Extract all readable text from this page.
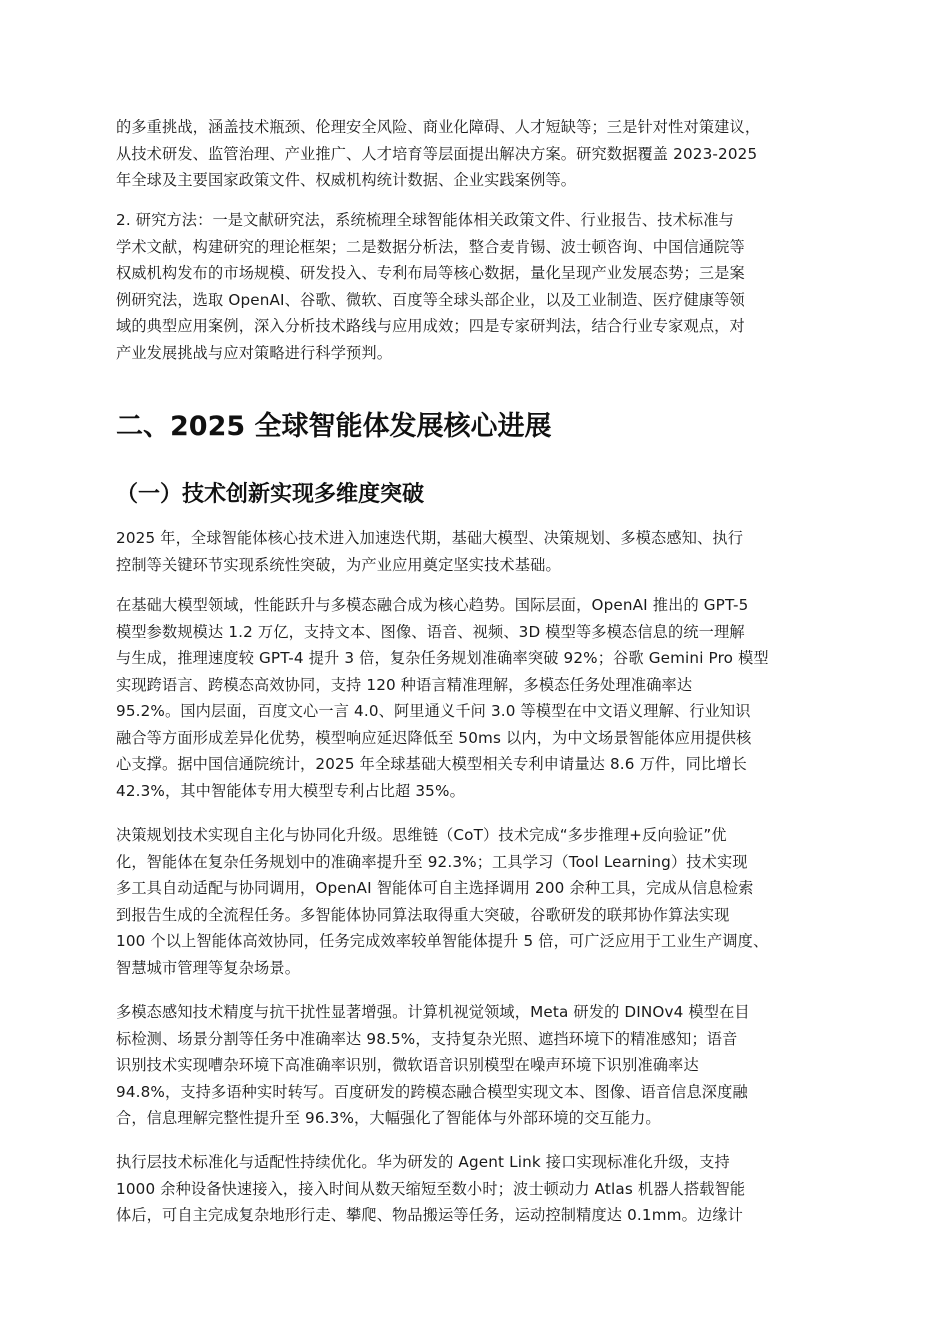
的多重挑战，涵盖技术瓶颈、伦理安全风险、商业化障碍、人才短缺等；三是针对性对策建议，
从技术研发、监管治理、产业推广、人才培育等层面提出解决方案。研究数据覆盖 2023-2025
年全球及主要国家政策文件、权威机构统计数据、企业实践案例等。
2. 研究方法：一是文献研究法，系统梳理全球智能体相关政策文件、行业报告、技术标准与
学术文献，构建研究的理论框架；二是数据分析法，整合麦肯锡、波士顿咨询、中国信通院等
权威机构发布的市场规模、研发投入、专利布局等核心数据，量化呈现产业发展态势；三是案
例研究法，选取 OpenAI、谷歌、微软、百度等全球头部企业，以及工业制造、医疗健康等领
域的典型应用案例，深入分析技术路线与应用成效；四是专家研判法，结合行业专家观点，对
产业发展挑战与应对策略进行科学预判。
二、2025 全球智能体发展核心进展
（一）技术创新实现多维度突破
2025 年，全球智能体核心技术进入加速迭代期，基础大模型、决策规划、多模态感知、执行
控制等关键环节实现系统性突破，为产业应用奠定坚实技术基础。
在基础大模型领域，性能跃升与多模态融合成为核心趋势。国际层面，OpenAI 推出的 GPT-5
模型参数规模达 1.2 万亿，支持文本、图像、语音、视频、3D 模型等多模态信息的统一理解
与生成，推理速度较 GPT-4 提升 3 倍，复杂任务规划准确率突破 92%；谷歌 Gemini Pro 模型
实现跨语言、跨模态高效协同，支持 120 种语言精准理解，多模态任务处理准确率达
95.2%。国内层面，百度文心一言 4.0、阿里通义千问 3.0 等模型在中文语义理解、行业知识
融合等方面形成差异化优势，模型响应延迟降低至 50ms 以内，为中文场景智能体应用提供核
心支撑。据中国信通院统计，2025 年全球基础大模型相关专利申请量达 8.6 万件，同比增长
42.3%，其中智能体专用大模型专利占比超 35%。
决策规划技术实现自主化与协同化升级。思维链（CoT）技术完成“多步推理+反向验证”优
化，智能体在复杂任务规划中的准确率提升至 92.3%；工具学习（Tool Learning）技术实现
多工具自动适配与协同调用，OpenAI 智能体可自主选择调用 200 余种工具，完成从信息检索
到报告生成的全流程任务。多智能体协同算法取得重大突破，谷歌研发的联邦协作算法实现
100 个以上智能体高效协同，任务完成效率较单智能体提升 5 倍，可广泛应用于工业生产调度、
智慧城市管理等复杂场景。
多模态感知技术精度与抗干扰性显著增强。计算机视觉领域，Meta 研发的 DINOv4 模型在目
标检测、场景分割等任务中准确率达 98.5%，支持复杂光照、遮挡环境下的精准感知；语音
识别技术实现嘈杂环境下高准确率识别，微软语音识别模型在噪声环境下识别准确率达
94.8%，支持多语种实时转写。百度研发的跨模态融合模型实现文本、图像、语音信息深度融
合，信息理解完整性提升至 96.3%，大幅强化了智能体与外部环境的交互能力。
执行层技术标准化与适配性持续优化。华为研发的 Agent Link 接口实现标准化升级，支持
1000 余种设备快速接入，接入时间从数天缩短至数小时；波士顿动力 Atlas 机器人搭载智能
体后，可自主完成复杂地形行走、攀爬、物品搬运等任务，运动控制精度达 0.1mm。边缘计
